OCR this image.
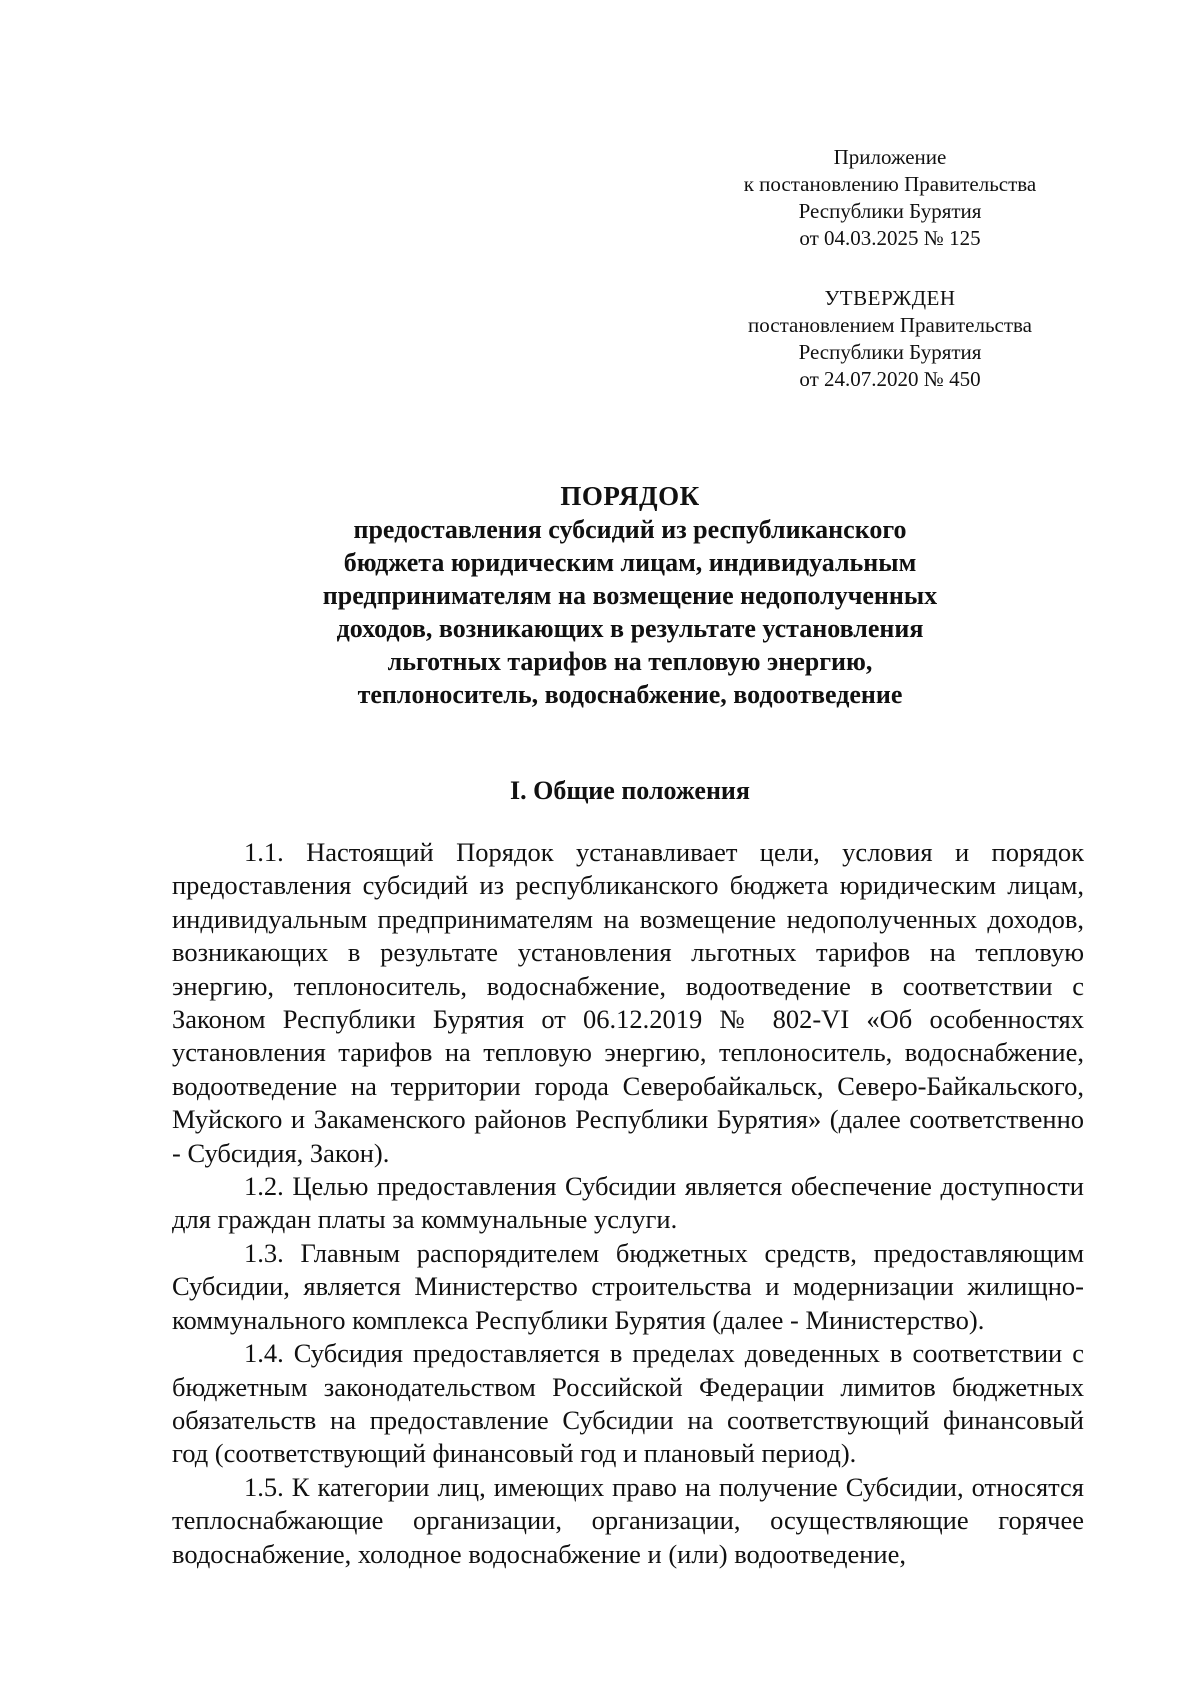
Приложение
к постановлению Правительства
Республики Бурятия
от 04.03.2025 № 125
УТВЕРЖДЕН
постановлением Правительства
Республики Бурятия
от 24.07.2020 № 450
ПОРЯДОК
предоставления субсидий из республиканского
бюджета юридическим лицам, индивидуальным
предпринимателям на возмещение недополученных
доходов, возникающих в результате установления
льготных тарифов на тепловую энергию,
теплоноситель, водоснабжение, водоотведение
I. Общие положения

1.1. Настоящий Порядок устанавливает цели, условия и порядок предоставления субсидий из республиканского бюджета юридическим лицам, индивидуальным предпринимателям на возмещение недополученных доходов, возникающих в результате установления льготных тарифов на тепловую энергию, теплоноситель, водоснабжение, водоотведение в соответствии с Законом Республики Бурятия от 06.12.2019 № 802-VI «Об особенностях установления тарифов на тепловую энергию, теплоноситель, водоснабжение, водоотведение на территории города Северобайкальск, Северо-Байкальского, Муйского и Закаменского районов Республики Бурятия» (далее соответственно - Субсидия, Закон).

1.2. Целью предоставления Субсидии является обеспечение доступности для граждан платы за коммунальные услуги.

1.3. Главным распорядителем бюджетных средств, предоставляющим Субсидии, является Министерство строительства и модернизации жилищно-коммунального комплекса Республики Бурятия (далее - Министерство).

1.4. Субсидия предоставляется в пределах доведенных в соответствии с бюджетным законодательством Российской Федерации лимитов бюджетных обязательств на предоставление Субсидии на соответствующий финансовый год (соответствующий финансовый год и плановый период).

1.5. К категории лиц, имеющих право на получение Субсидии, относятся теплоснабжающие организации, организации, осуществляющие горячее водоснабжение, холодное водоснабжение и (или) водоотведение,
